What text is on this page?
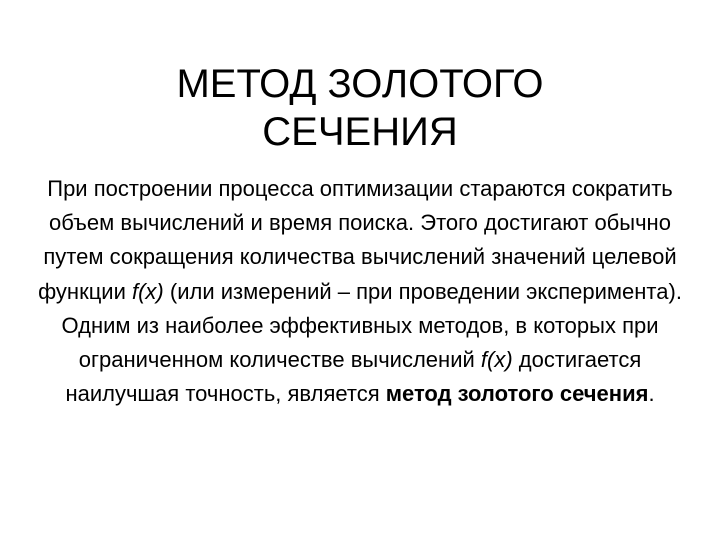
МЕТОД ЗОЛОТОГО
СЕЧЕНИЯ

При построении процесса оптимизации стараются сократить объем вычислений и время поиска. Этого достигают обычно путем сокращения количества вычислений значений целевой функции f(x) (или измерений – при проведении эксперимента). Одним из наиболее эффективных методов, в которых при ограниченном количестве вычислений f(x) достигается наилучшая точность, является метод золотого сечения.
